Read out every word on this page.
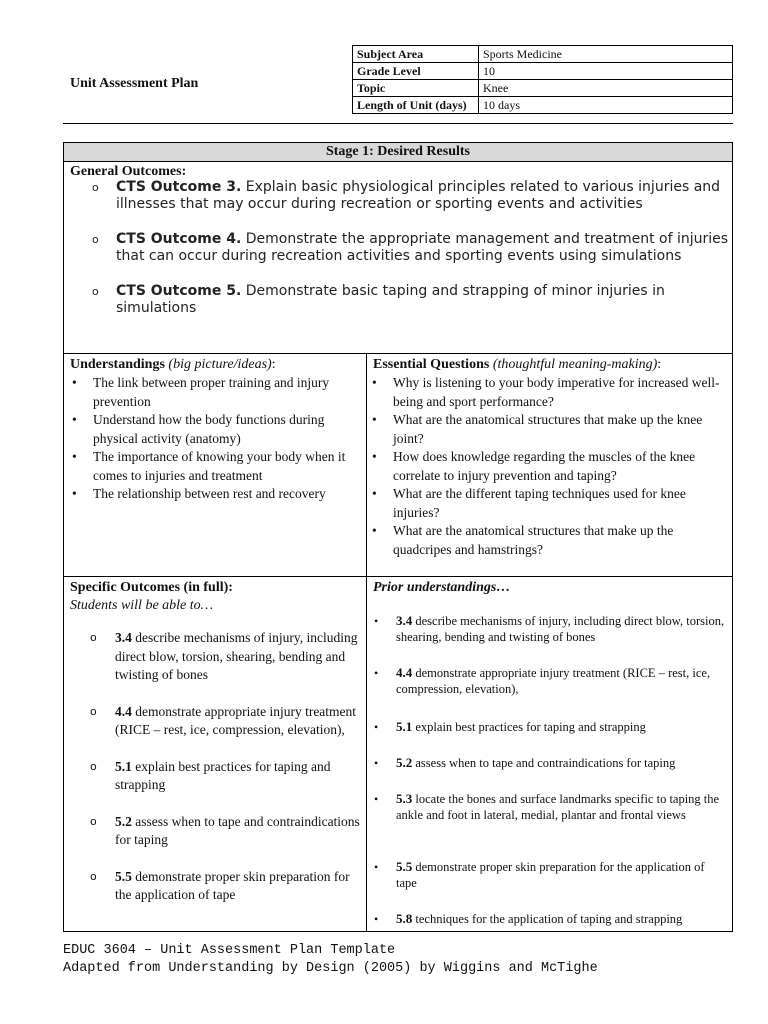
Unit Assessment Plan
Subject Area	Sports Medicine
Grade Level	10
Topic	Knee
Length of Unit (days)	10 days
Stage 1: Desired Results
General Outcomes:
o CTS Outcome 3. Explain basic physiological principles related to various injuries and illnesses that may occur during recreation or sporting events and activities
o CTS Outcome 4. Demonstrate the appropriate management and treatment of injuries that can occur during recreation activities and sporting events using simulations
o CTS Outcome 5. Demonstrate basic taping and strapping of minor injuries in simulations
Understandings (big picture/ideas):
• The link between proper training and injury prevention
• Understand how the body functions during physical activity (anatomy)
• The importance of knowing your body when it comes to injuries and treatment
• The relationship between rest and recovery
Essential Questions (thoughtful meaning-making):
• Why is listening to your body imperative for increased well-being and sport performance?
• What are the anatomical structures that make up the knee joint?
• How does knowledge regarding the muscles of the knee correlate to injury prevention and taping?
• What are the different taping techniques used for knee injuries?
• What are the anatomical structures that make up the quadcripes and hamstrings?
Specific Outcomes (in full):
Students will be able to…
o 3.4 describe mechanisms of injury, including direct blow, torsion, shearing, bending and twisting of bones
o 4.4 demonstrate appropriate injury treatment (RICE – rest, ice, compression, elevation),
o 5.1 explain best practices for taping and strapping
o 5.2 assess when to tape and contraindications for taping
o 5.5 demonstrate proper skin preparation for the application of tape
Prior understandings…
• 3.4 describe mechanisms of injury, including direct blow, torsion, shearing, bending and twisting of bones
• 4.4 demonstrate appropriate injury treatment (RICE – rest, ice, compression, elevation),
• 5.1 explain best practices for taping and strapping
• 5.2 assess when to tape and contraindications for taping
• 5.3 locate the bones and surface landmarks specific to taping the ankle and foot in lateral, medial, plantar and frontal views
• 5.5 demonstrate proper skin preparation for the application of tape
• 5.8 techniques for the application of taping and strapping
EDUC 3604 – Unit Assessment Plan Template
Adapted from Understanding by Design (2005) by Wiggins and McTighe
